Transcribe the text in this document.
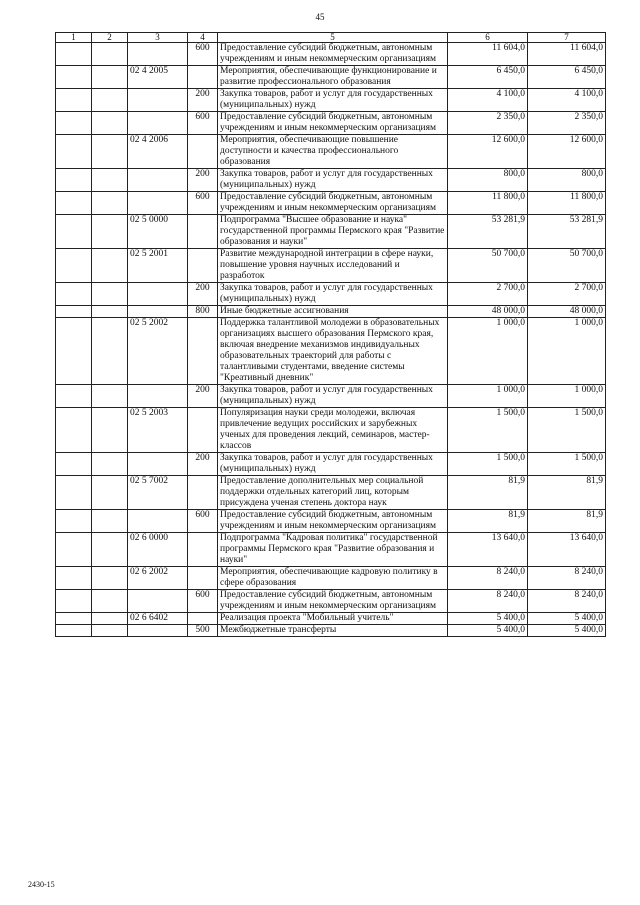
45
1	2	3	4	5	6	7
			600	Предоставление субсидий бюджетным, автономным учреждениям и иным некоммерческим организациям	11 604,0	11 604,0
		02 4 2005		Мероприятия, обеспечивающие функционирование и развитие профессионального образования	6 450,0	6 450,0
			200	Закупка товаров, работ и услуг для государственных (муниципальных) нужд	4 100,0	4 100,0
			600	Предоставление субсидий бюджетным, автономным учреждениям и иным некоммерческим организациям	2 350,0	2 350,0
		02 4 2006		Мероприятия, обеспечивающие повышение доступности и качества профессионального образования	12 600,0	12 600,0
			200	Закупка товаров, работ и услуг для государственных (муниципальных) нужд	800,0	800,0
			600	Предоставление субсидий бюджетным, автономным учреждениям и иным некоммерческим организациям	11 800,0	11 800,0
		02 5 0000		Подпрограмма "Высшее образование и наука" государственной программы Пермского края "Развитие образования и науки"	53 281,9	53 281,9
		02 5 2001		Развитие международной интеграции в сфере науки, повышение уровня научных исследований и разработок	50 700,0	50 700,0
			200	Закупка товаров, работ и услуг для государственных (муниципальных) нужд	2 700,0	2 700,0
			800	Иные бюджетные ассигнования	48 000,0	48 000,0
		02 5 2002		Поддержка талантливой молодежи в образовательных организациях высшего образования Пермского края, включая внедрение механизмов индивидуальных образовательных траекторий для работы с талантливыми студентами, введение системы "Креативный дневник"	1 000,0	1 000,0
			200	Закупка товаров, работ и услуг для государственных (муниципальных) нужд	1 000,0	1 000,0
		02 5 2003		Популяризация науки среди молодежи, включая привлечение ведущих российских и зарубежных ученых для проведения лекций, семинаров, мастер-классов	1 500,0	1 500,0
			200	Закупка товаров, работ и услуг для государственных (муниципальных) нужд	1 500,0	1 500,0
		02 5 7002		Предоставление дополнительных мер социальной поддержки отдельных категорий лиц, которым присуждена ученая степень доктора наук	81,9	81,9
			600	Предоставление субсидий бюджетным, автономным учреждениям и иным некоммерческим организациям	81,9	81,9
		02 6 0000		Подпрограмма "Кадровая политика" государственной программы Пермского края "Развитие образования и науки"	13 640,0	13 640,0
		02 6 2002		Мероприятия, обеспечивающие кадровую политику в сфере образования	8 240,0	8 240,0
			600	Предоставление субсидий бюджетным, автономным учреждениям и иным некоммерческим организациям	8 240,0	8 240,0
		02 6 6402		Реализация проекта "Мобильный учитель"	5 400,0	5 400,0
			500	Межбюджетные трансферты	5 400,0	5 400,0
2430-15
